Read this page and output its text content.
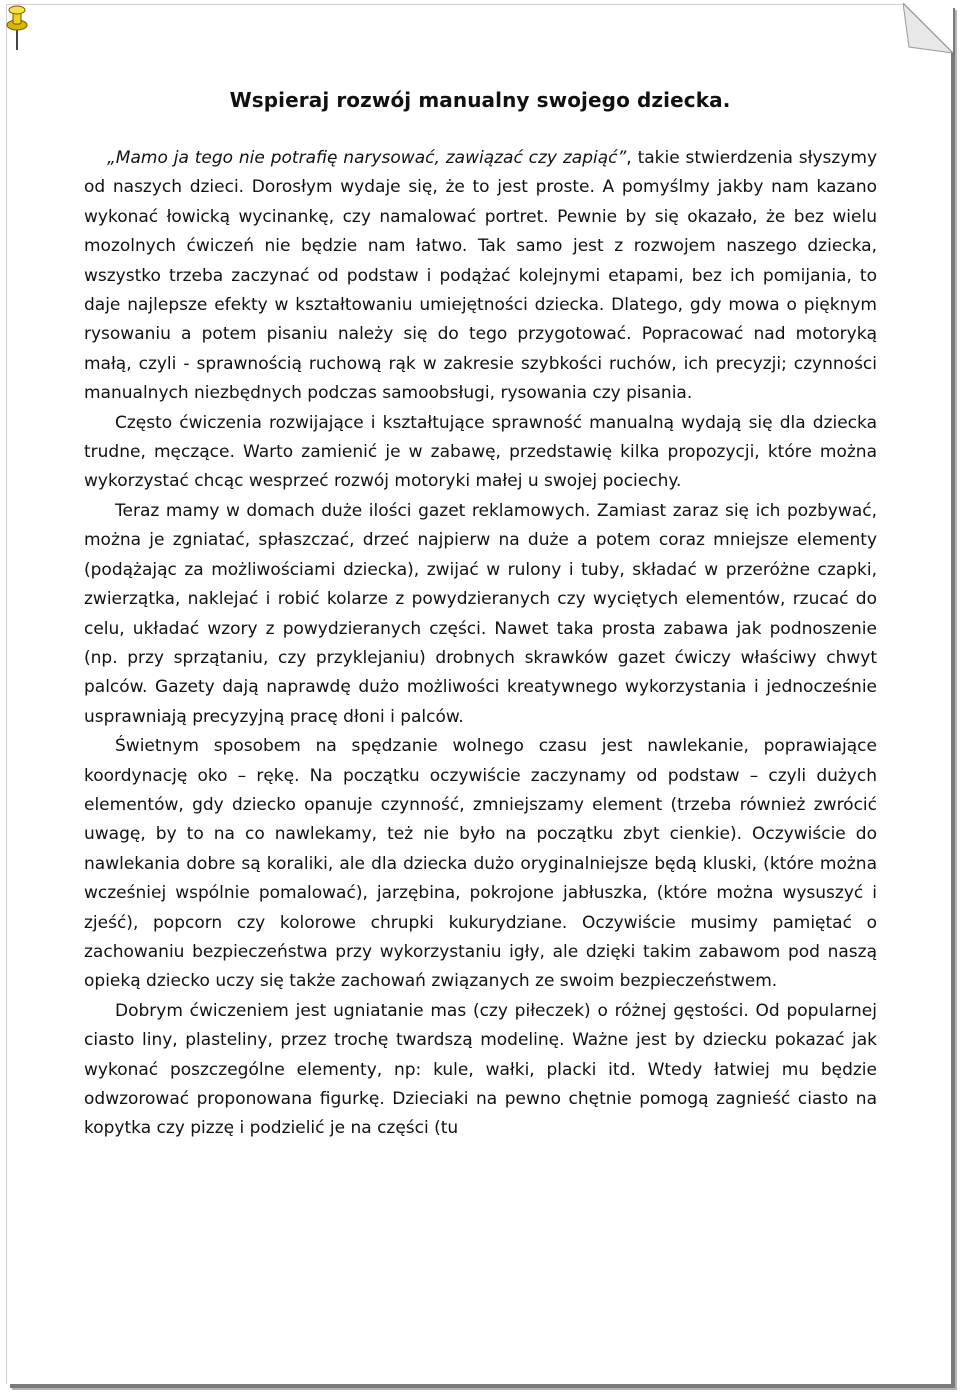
Wspieraj rozwój manualny swojego dziecka.

„Mamo ja tego nie potrafię narysować, zawiązać czy zapiąć”, takie stwierdzenia słyszymy od naszych dzieci. Dorosłym wydaje się, że to jest proste. A pomyślmy jakby nam kazano wykonać łowicką wycinankę, czy namalować portret. Pewnie by się okazało, że bez wielu mozolnych ćwiczeń nie będzie nam łatwo. Tak samo jest z rozwojem naszego dziecka, wszystko trzeba zaczynać od podstaw i podążać kolejnymi etapami, bez ich pomijania, to daje najlepsze efekty w kształtowaniu umiejętności dziecka. Dlatego, gdy mowa o pięknym rysowaniu a potem pisaniu należy się do tego przygotować. Popracować nad motoryką małą, czyli - sprawnością ruchową rąk w zakresie szybkości ruchów, ich precyzji; czynności manualnych niezbędnych podczas samoobsługi, rysowania czy pisania.

Często ćwiczenia rozwijające i kształtujące sprawność manualną wydają się dla dziecka trudne, męczące. Warto zamienić je w zabawę, przedstawię kilka propozycji, które można wykorzystać chcąc wesprzeć rozwój motoryki małej u swojej pociechy.

Teraz mamy w domach duże ilości gazet reklamowych. Zamiast zaraz się ich pozbywać, można je zgniatać, spłaszczać, drzeć najpierw na duże a potem coraz mniejsze elementy (podążając za możliwościami dziecka), zwijać w rulony i tuby, składać w przeróżne czapki, zwierzątka, naklejać i robić kolarze z powydzieranych czy wyciętych elementów, rzucać do celu, układać wzory z powydzieranych części. Nawet taka prosta zabawa jak podnoszenie (np. przy sprzątaniu, czy przyklejaniu) drobnych skrawków gazet ćwiczy właściwy chwyt palców. Gazety dają naprawdę dużo możliwości kreatywnego wykorzystania i jednocześnie usprawniają precyzyjną pracę dłoni i palców.

Świetnym sposobem na spędzanie wolnego czasu jest nawlekanie, poprawiające koordynację oko – rękę. Na początku oczywiście zaczynamy od podstaw – czyli dużych elementów, gdy dziecko opanuje czynność, zmniejszamy element (trzeba również zwrócić uwagę, by to na co nawlekamy, też nie było na początku zbyt cienkie). Oczywiście do nawlekania dobre są koraliki, ale dla dziecka dużo oryginalniejsze będą kluski, (które można wcześniej wspólnie pomalować), jarzębina, pokrojone jabłuszka, (które można wysuszyć i zjeść), popcorn czy kolorowe chrupki kukurydziane. Oczywiście musimy pamiętać o zachowaniu bezpieczeństwa przy wykorzystaniu igły, ale dzięki takim zabawom pod naszą opieką dziecko uczy się także zachowań związanych ze swoim bezpieczeństwem.

Dobrym ćwiczeniem jest ugniatanie mas (czy piłeczek) o różnej gęstości. Od popularnej ciasto liny, plasteliny, przez trochę twardszą modelinę. Ważne jest by dziecku pokazać jak wykonać poszczególne elementy, np: kule, wałki, placki itd. Wtedy łatwiej mu będzie odwzorować proponowana figurkę. Dzieciaki na pewno chętnie pomogą zagnieść ciasto na kopytka czy pizzę i podzielić je na części (tu
